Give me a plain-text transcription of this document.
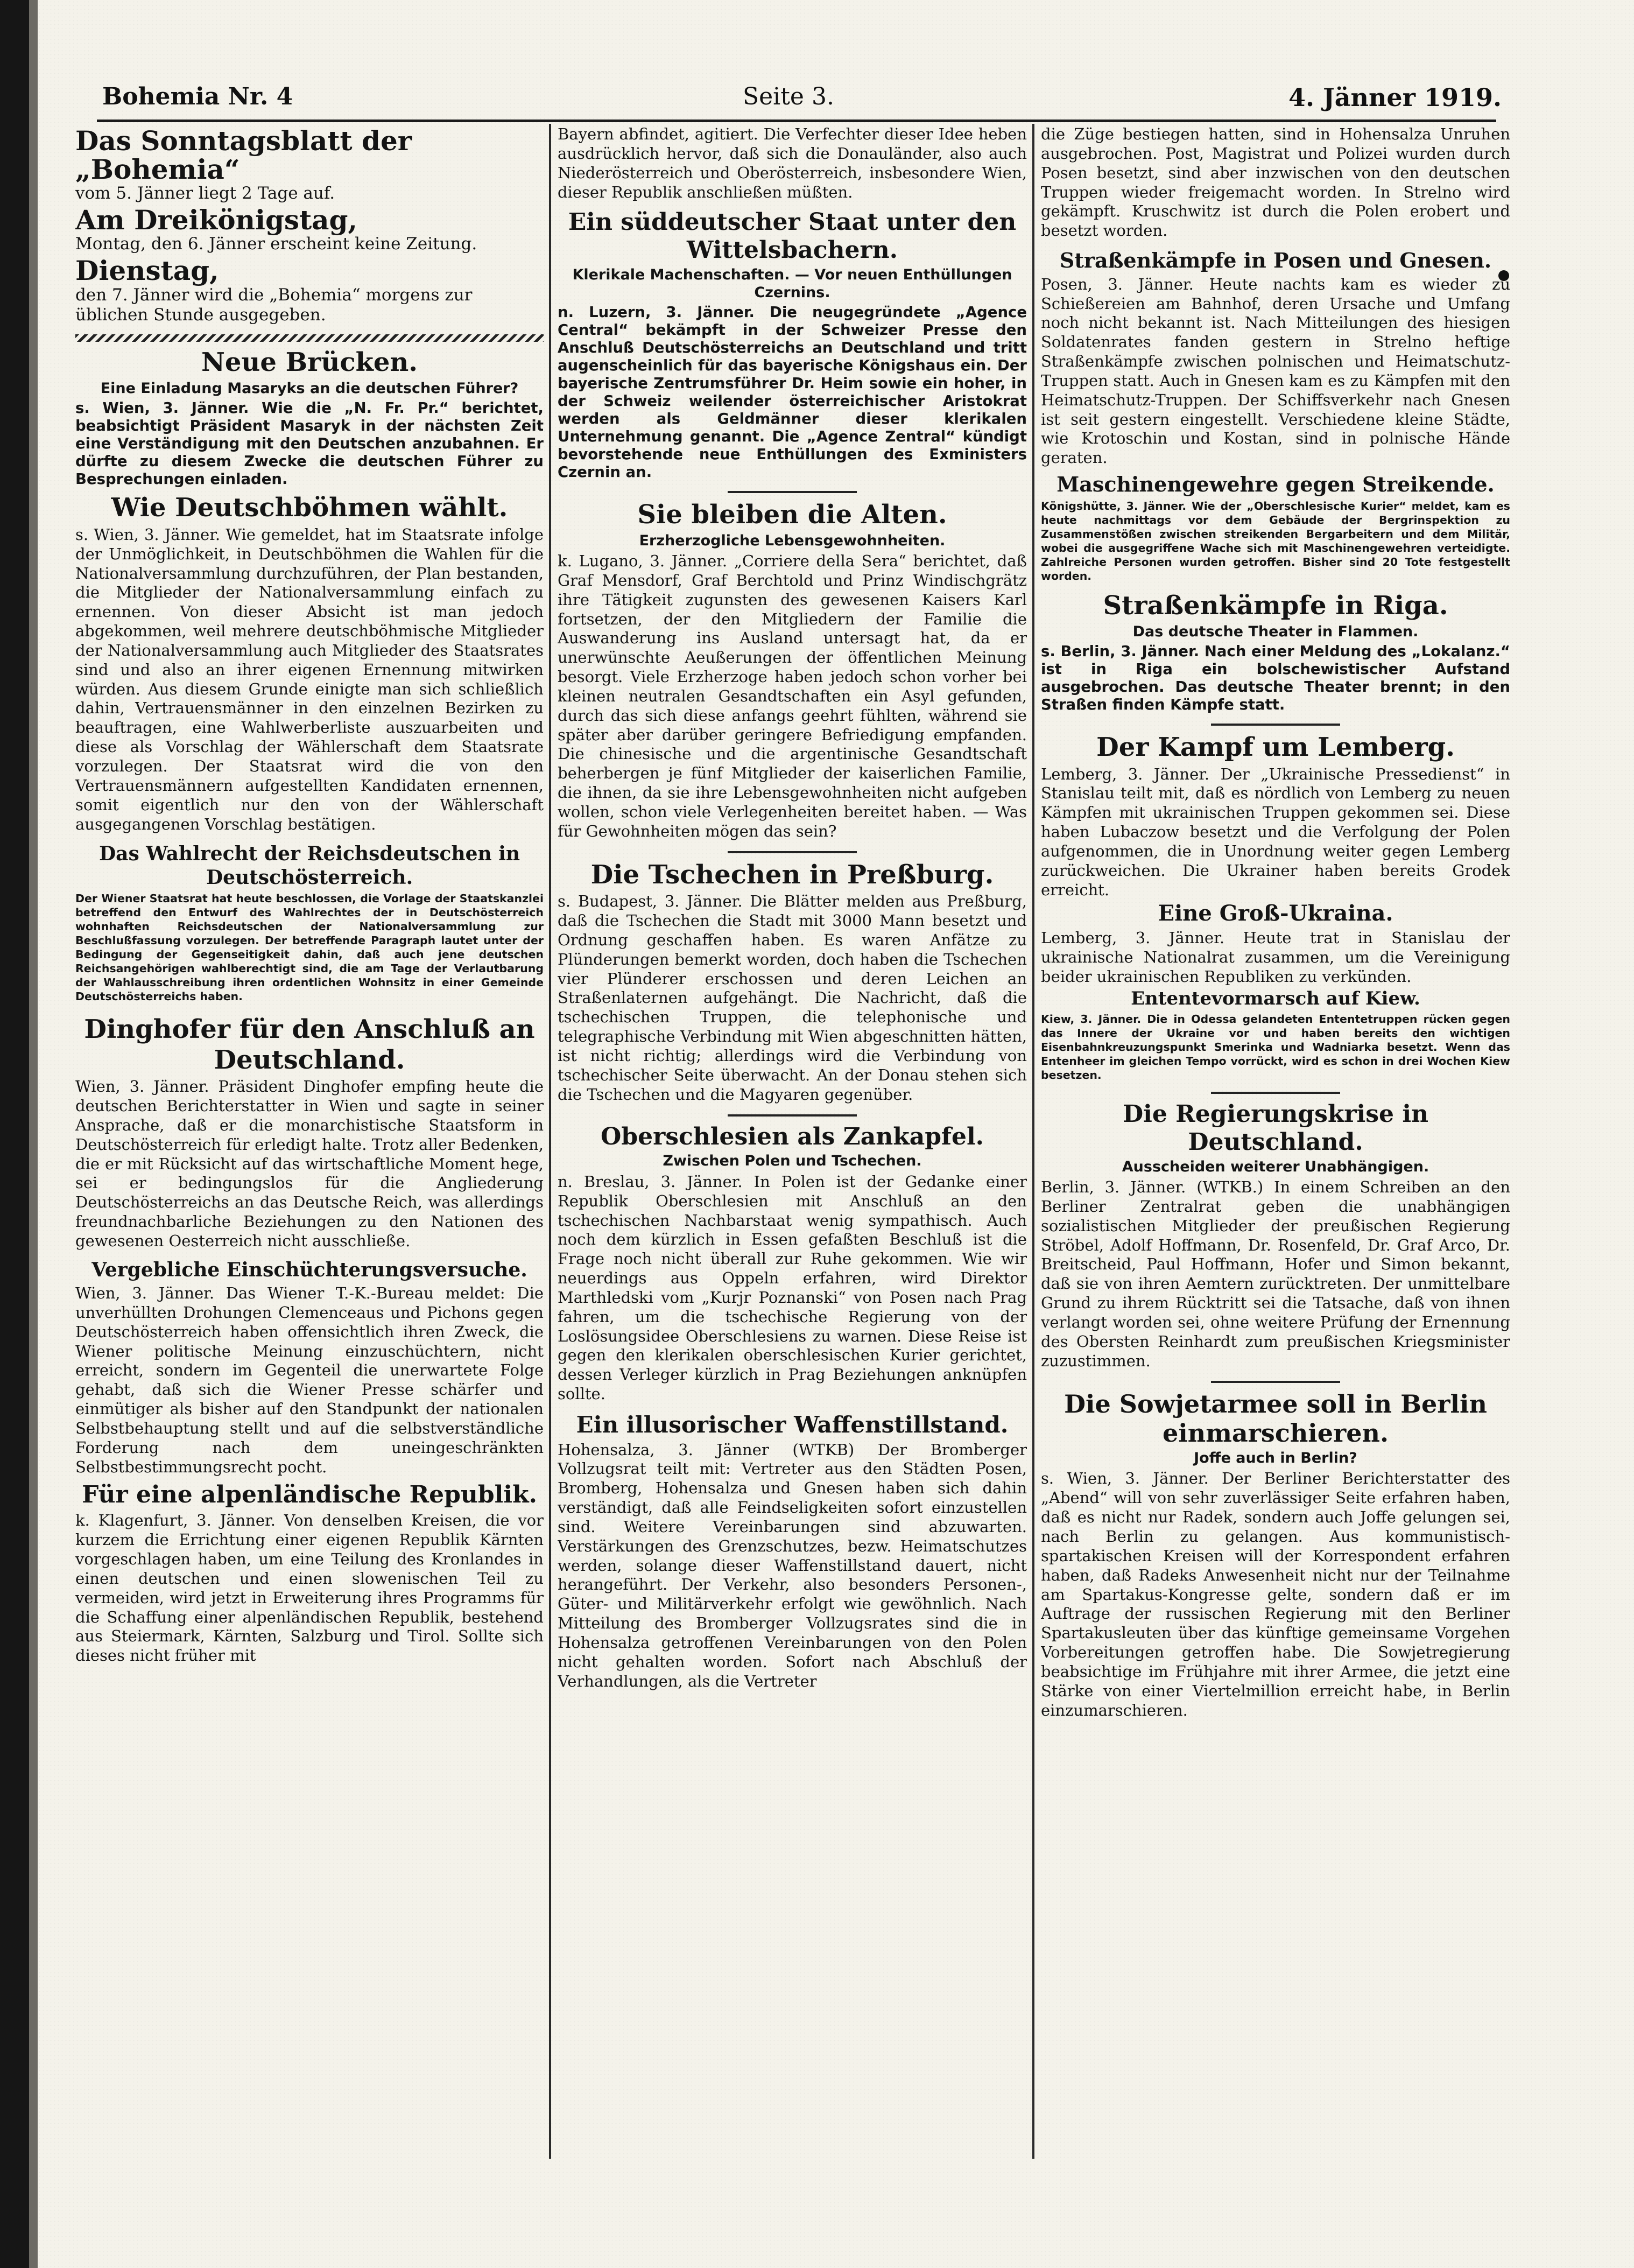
Bohemia Nr. 4	Seite 3.	4. Jänner 1919.
Das Sonntagsblatt der „Bohemia“
vom 5. Jänner liegt 2 Tage auf.
Am Dreikönigstag,
Montag, den 6. Jänner erscheint keine Zeitung.
Dienstag,
den 7. Jänner wird die „Bohemia“ morgens zur üblichen Stunde ausgegeben.
Neue Brücken.
Eine Einladung Masaryks an die deutschen Führer?

s. Wien, 3. Jänner. Wie die „N. Fr. Pr.“ berichtet, beabsichtigt Präsident Masaryk in der nächsten Zeit eine Verständigung mit den Deutschen anzubahnen. Er dürfte zu diesem Zwecke die deutschen Führer zu Besprechungen einladen.

Wie Deutschböhmen wählt.

s. Wien, 3. Jänner. Wie gemeldet, hat im Staatsrate infolge der Unmöglichkeit, in Deutschböhmen die Wahlen für die Nationalversammlung durchzuführen, der Plan bestanden, die Mitglieder der Nationalversammlung einfach zu ernennen. Von dieser Absicht ist man jedoch abgekommen, weil mehrere deutschböhmische Mitglieder der Nationalversammlung auch Mitglieder des Staatsrates sind und also an ihrer eigenen Ernennung mitwirken würden. Aus diesem Grunde einigte man sich schließlich dahin, Vertrauensmänner in den einzelnen Bezirken zu beauftragen, eine Wahlwerberliste auszuarbeiten und diese als Vorschlag der Wählerschaft dem Staatsrate vorzulegen. Der Staatsrat wird die von den Vertrauensmännern aufgestellten Kandidaten ernennen, somit eigentlich nur den von der Wählerschaft ausgegangenen Vorschlag bestätigen.

Das Wahlrecht der Reichsdeutschen in Deutschösterreich.

Der Wiener Staatsrat hat heute beschlossen, die Vorlage der Staatskanzlei betreffend den Entwurf des Wahlrechtes der in Deutschösterreich wohnhaften Reichsdeutschen der Nationalversammlung zur Beschlußfassung vorzulegen. Der betreffende Paragraph lautet unter der Bedingung der Gegenseitigkeit dahin, daß auch jene deutschen Reichsangehörigen wahlberechtigt sind, die am Tage der Verlautbarung der Wahlausschreibung ihren ordentlichen Wohnsitz in einer Gemeinde Deutschösterreichs haben.

Dinghofer für den Anschluß an Deutschland.

Wien, 3. Jänner. Präsident Dinghofer empfing heute die deutschen Berichterstatter in Wien und sagte in seiner Ansprache, daß er die monarchistische Staatsform in Deutschösterreich für erledigt halte. Trotz aller Bedenken, die er mit Rücksicht auf das wirtschaftliche Moment hege, sei er bedingungslos für die Angliederung Deutschösterreichs an das Deutsche Reich, was allerdings freundnachbarliche Beziehungen zu den Nationen des gewesenen Oesterreich nicht ausschließe.

Vergebliche Einschüchterungsversuche.

Wien, 3. Jänner. Das Wiener T.-K.-Bureau meldet: Die unverhüllten Drohungen Clemenceaus und Pichons gegen Deutschösterreich haben offensichtlich ihren Zweck, die Wiener politische Meinung einzuschüchtern, nicht erreicht, sondern im Gegenteil die unerwartete Folge gehabt, daß sich die Wiener Presse schärfer und einmütiger als bisher auf den Standpunkt der nationalen Selbstbehauptung stellt und auf die selbstverständliche Forderung nach dem uneingeschränkten Selbstbestimmungsrecht pocht.

Für eine alpenländische Republik.

k. Klagenfurt, 3. Jänner. Von denselben Kreisen, die vor kurzem die Errichtung einer eigenen Republik Kärnten vorgeschlagen haben, um eine Teilung des Kronlandes in einen deutschen und einen slowenischen Teil zu vermeiden, wird jetzt in Erweiterung ihres Programms für die Schaffung einer alpenländischen Republik, bestehend aus Steiermark, Kärnten, Salzburg und Tirol. Sollte sich dieses nicht früher mit

Bayern abfindet, agitiert. Die Verfechter dieser Idee heben ausdrücklich hervor, daß sich die Donauländer, also auch Niederösterreich und Oberösterreich, insbesondere Wien, dieser Republik anschließen müßten.

Ein süddeutscher Staat unter den Wittelsbachern.
Klerikale Machenschaften. — Vor neuen Enthüllungen Czernins.

n. Luzern, 3. Jänner. Die neugegründete „Agence Central“ bekämpft in der Schweizer Presse den Anschluß Deutschösterreichs an Deutschland und tritt augenscheinlich für das bayerische Königshaus ein. Der bayerische Zentrumsführer Dr. Heim sowie ein hoher, in der Schweiz weilender österreichischer Aristokrat werden als Geldmänner dieser klerikalen Unternehmung genannt. Die „Agence Zentral“ kündigt bevorstehende neue Enthüllungen des Exministers Czernin an.

Sie bleiben die Alten.
Erzherzogliche Lebensgewohnheiten.

k. Lugano, 3. Jänner. „Corriere della Sera“ berichtet, daß Graf Mensdorf, Graf Berchtold und Prinz Windischgrätz ihre Tätigkeit zugunsten des gewesenen Kaisers Karl fortsetzen, der den Mitgliedern der Familie die Auswanderung ins Ausland untersagt hat, da er unerwünschte Aeußerungen der öffentlichen Meinung besorgt. Viele Erzherzoge haben jedoch schon vorher bei kleinen neutralen Gesandtschaften ein Asyl gefunden, durch das sich diese anfangs geehrt fühlten, während sie später aber darüber geringere Befriedigung empfanden. Die chinesische und die argentinische Gesandtschaft beherbergen je fünf Mitglieder der kaiserlichen Familie, die ihnen, da sie ihre Lebensgewohnheiten nicht aufgeben wollen, schon viele Verlegenheiten bereitet haben. — Was für Gewohnheiten mögen das sein?

Die Tschechen in Preßburg.

s. Budapest, 3. Jänner. Die Blätter melden aus Preßburg, daß die Tschechen die Stadt mit 3000 Mann besetzt und Ordnung geschaffen haben. Es waren Anfätze zu Plünderungen bemerkt worden, doch haben die Tschechen vier Plünderer erschossen und deren Leichen an Straßenlaternen aufgehängt. Die Nachricht, daß die tschechischen Truppen, die telephonische und telegraphische Verbindung mit Wien abgeschnitten hätten, ist nicht richtig; allerdings wird die Verbindung von tschechischer Seite überwacht. An der Donau stehen sich die Tschechen und die Magyaren gegenüber.

Oberschlesien als Zankapfel.
Zwischen Polen und Tschechen.

n. Breslau, 3. Jänner. In Polen ist der Gedanke einer Republik Oberschlesien mit Anschluß an den tschechischen Nachbarstaat wenig sympathisch. Auch noch dem kürzlich in Essen gefaßten Beschluß ist die Frage noch nicht überall zur Ruhe gekommen. Wie wir neuerdings aus Oppeln erfahren, wird Direktor Marthledski vom „Kurjr Poznanski“ von Posen nach Prag fahren, um die tschechische Regierung von der Loslösungsidee Oberschlesiens zu warnen. Diese Reise ist gegen den klerikalen oberschlesischen Kurier gerichtet, dessen Verleger kürzlich in Prag Beziehungen anknüpfen sollte.

Ein illusorischer Waffenstillstand.

Hohensalza, 3. Jänner (WTKB) Der Bromberger Vollzugsrat teilt mit: Vertreter aus den Städten Posen, Bromberg, Hohensalza und Gnesen haben sich dahin verständigt, daß alle Feindseligkeiten sofort einzustellen sind. Weitere Vereinbarungen sind abzuwarten. Verstärkungen des Grenzschutzes, bezw. Heimatschutzes werden, solange dieser Waffenstillstand dauert, nicht herangeführt. Der Verkehr, also besonders Personen-, Güter- und Militärverkehr erfolgt wie gewöhnlich. Nach Mitteilung des Bromberger Vollzugsrates sind die in Hohensalza getroffenen Vereinbarungen von den Polen nicht gehalten worden. Sofort nach Abschluß der Verhandlungen, als die Vertreter

die Züge bestiegen hatten, sind in Hohensalza Unruhen ausgebrochen. Post, Magistrat und Polizei wurden durch Posen besetzt, sind aber inzwischen von den deutschen Truppen wieder freigemacht worden. In Strelno wird gekämpft. Kruschwitz ist durch die Polen erobert und besetzt worden.

Straßenkämpfe in Posen und Gnesen.

Posen, 3. Jänner. Heute nachts kam es wieder zu Schießereien am Bahnhof, deren Ursache und Umfang noch nicht bekannt ist. Nach Mitteilungen des hiesigen Soldatenrates fanden gestern in Strelno heftige Straßenkämpfe zwischen polnischen und Heimatschutz-Truppen statt. Auch in Gnesen kam es zu Kämpfen mit den Heimatschutz-Truppen. Der Schiffsverkehr nach Gnesen ist seit gestern eingestellt. Verschiedene kleine Städte, wie Krotoschin und Kostan, sind in polnische Hände geraten.

Maschinengewehre gegen Streikende.

Königshütte, 3. Jänner. Wie der „Oberschlesische Kurier“ meldet, kam es heute nachmittags vor dem Gebäude der Bergrinspektion zu Zusammenstößen zwischen streikenden Bergarbeitern und dem Militär, wobei die ausgegriffene Wache sich mit Maschinengewehren verteidigte. Zahlreiche Personen wurden getroffen. Bisher sind 20 Tote festgestellt worden.

Straßenkämpfe in Riga.
Das deutsche Theater in Flammen.

s. Berlin, 3. Jänner. Nach einer Meldung des „Lokalanz.“ ist in Riga ein bolschewistischer Aufstand ausgebrochen. Das deutsche Theater brennt; in den Straßen finden Kämpfe statt.

Der Kampf um Lemberg.

Lemberg, 3. Jänner. Der „Ukrainische Pressedienst“ in Stanislau teilt mit, daß es nördlich von Lemberg zu neuen Kämpfen mit ukrainischen Truppen gekommen sei. Diese haben Lubaczow besetzt und die Verfolgung der Polen aufgenommen, die in Unordnung weiter gegen Lemberg zurückweichen. Die Ukrainer haben bereits Grodek erreicht.

Eine Groß-Ukraina.

Lemberg, 3. Jänner. Heute trat in Stanislau der ukrainische Nationalrat zusammen, um die Vereinigung beider ukrainischen Republiken zu verkünden.

Ententevormarsch auf Kiew.

Kiew, 3. Jänner. Die in Odessa gelandeten Ententetruppen rücken gegen das Innere der Ukraine vor und haben bereits den wichtigen Eisenbahnkreuzungspunkt Smerinka und Wadniarka besetzt. Wenn das Entenheer im gleichen Tempo vorrückt, wird es schon in drei Wochen Kiew besetzen.

Die Regierungskrise in Deutschland.
Ausscheiden weiterer Unabhängigen.

Berlin, 3. Jänner. (WTKB.) In einem Schreiben an den Berliner Zentralrat geben die unabhängigen sozialistischen Mitglieder der preußischen Regierung Ströbel, Adolf Hoffmann, Dr. Rosenfeld, Dr. Graf Arco, Dr. Breitscheid, Paul Hoffmann, Hofer und Simon bekannt, daß sie von ihren Aemtern zurücktreten. Der unmittelbare Grund zu ihrem Rücktritt sei die Tatsache, daß von ihnen verlangt worden sei, ohne weitere Prüfung der Ernennung des Obersten Reinhardt zum preußischen Kriegsminister zuzustimmen.

Die Sowjetarmee soll in Berlin einmarschieren.
Joffe auch in Berlin?

s. Wien, 3. Jänner. Der Berliner Berichterstatter des „Abend“ will von sehr zuverlässiger Seite erfahren haben, daß es nicht nur Radek, sondern auch Joffe gelungen sei, nach Berlin zu gelangen. Aus kommunistisch-spartakischen Kreisen will der Korrespondent erfahren haben, daß Radeks Anwesenheit nicht nur der Teilnahme am Spartakus-Kongresse gelte, sondern daß er im Auftrage der russischen Regierung mit den Berliner Spartakusleuten über das künftige gemeinsame Vorgehen Vorbereitungen getroffen habe. Die Sowjetregierung beabsichtige im Frühjahre mit ihrer Armee, die jetzt eine Stärke von einer Viertelmillion erreicht habe, in Berlin einzumarschieren.
